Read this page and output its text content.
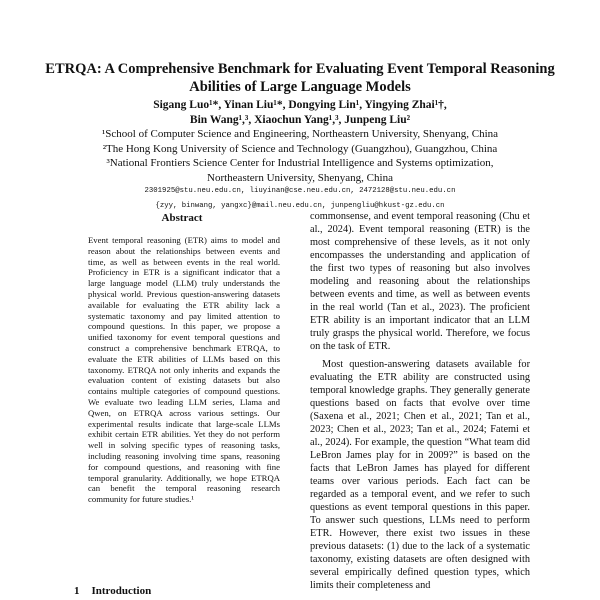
ETRQA: A Comprehensive Benchmark for Evaluating Event Temporal Reasoning Abilities of Large Language Models
Sigang Luo¹*, Yinan Liu¹*, Dongying Lin¹, Yingying Zhai¹†,
Bin Wang¹,³, Xiaochun Yang¹,³, Junpeng Liu²
¹School of Computer Science and Engineering, Northeastern University, Shenyang, China
²The Hong Kong University of Science and Technology (Guangzhou), Guangzhou, China
³National Frontiers Science Center for Industrial Intelligence and Systems optimization,
Northeastern University, Shenyang, China
2301925@stu.neu.edu.cn, liuyinan@cse.neu.edu.cn, 2472128@stu.neu.edu.cn
{zyy, binwang, yangxc}@mail.neu.edu.cn, junpengliu@hkust-gz.edu.cn
Abstract

Event temporal reasoning (ETR) aims to model and reason about the relationships between events and time, as well as between events in the real world. Proficiency in ETR is a significant indicator that a large language model (LLM) truly understands the physical world. Previous question-answering datasets available for evaluating the ETR ability lack a systematic taxonomy and pay limited attention to compound questions. In this paper, we propose a unified taxonomy for event temporal questions and construct a comprehensive benchmark ETRQA, to evaluate the ETR abilities of LLMs based on this taxonomy. ETRQA not only inherits and expands the evaluation content of existing datasets but also contains multiple categories of compound questions. We evaluate two leading LLM series, Llama and Qwen, on ETRQA across various settings. Our experimental results indicate that large-scale LLMs exhibit certain ETR abilities. Yet they do not perform well in solving specific types of reasoning tasks, including reasoning involving time spans, reasoning for compound questions, and reasoning with fine temporal granularity. Additionally, we hope ETRQA can benefit the temporal reasoning research community for future studies.¹

1 Introduction

commonsense, and event temporal reasoning (Chu et al., 2024). Event temporal reasoning (ETR) is the most comprehensive of these levels, as it not only encompasses the understanding and application of the first two types of reasoning but also involves modeling and reasoning about the relationships between events and time, as well as between events in the real world (Tan et al., 2023). The proficient ETR ability is an important indicator that an LLM truly grasps the physical world. Therefore, we focus on the task of ETR.

Most question-answering datasets available for evaluating the ETR ability are constructed using temporal knowledge graphs. They generally generate questions based on facts that evolve over time (Saxena et al., 2021; Chen et al., 2021; Tan et al., 2023; Chen et al., 2023; Tan et al., 2024; Fatemi et al., 2024). For example, the question “What team did LeBron James play for in 2009?” is based on the facts that LeBron James has played for different teams over various periods. Each fact can be regarded as a temporal event, and we refer to such questions as event temporal questions in this paper. To answer such questions, LLMs need to perform ETR. However, there exist two issues in these previous datasets: (1) due to the lack of a systematic taxonomy, existing datasets are often designed with several empirically defined question types, which limits their completeness and
